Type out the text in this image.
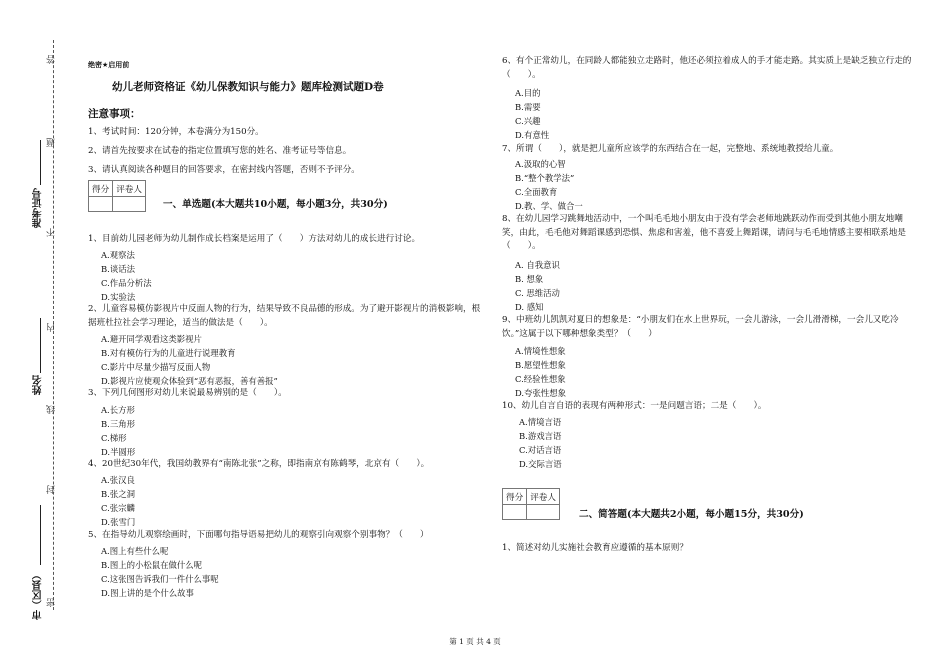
答
题
不
内
线
封
密
准考证号
姓名
市（区县）
绝密★启用前
幼儿老师资格证《幼儿保教知识与能力》题库检测试题D卷
注意事项：
1、考试时间：120分钟，本卷满分为150分。
2、请首先按要求在试卷的指定位置填写您的姓名、准考证号等信息。
3、请认真阅读各种题目的回答要求，在密封线内答题，否则不予评分。
得分	评卷人

一、单选题(本大题共10小题，每小题3分，共30分)
1、目前幼儿园老师为幼儿制作成长档案是运用了（　　）方法对幼儿的成长进行讨论。
A.观察法
B.谈话法
C.作品分析法
D.实验法
2、儿童容易模仿影视片中反面人物的行为，结果导致不良品德的形成。为了避开影视片的消极影响，根据班杜拉社会学习理论，适当的做法是（　　）。
A.避开同学观看这类影视片
B.对有模仿行为的儿童进行说理教育
C.影片中尽量少描写反面人物
D.影视片应使观众体验到“恶有恶报，善有善报”
3、下列几何图形对幼儿来说最易辨别的是（　　）。
A.长方形
B.三角形
C.梯形
D.半圆形
4、20世纪30年代，我国幼教界有“南陈北张”之称，即指南京有陈鹤琴，北京有（　　）。
A.张汉良
B.张之洞
C.张宗麟
D.张雪门
5、在指导幼儿观察绘画时，下面哪句指导语易把幼儿的观察引向观察个别事物？（　　）
A.图上有些什么呢
B.图上的小松鼠在做什么呢
C.这张图告诉我们一件什么事呢
D.图上讲的是个什么故事
6、有个正常幼儿，在同龄人都能独立走路时，他还必须拉着成人的手才能走路。其实质上是缺乏独立行走的（　　）。
A.目的
B.需要
C.兴趣
D.有意性
7、所谓（　　），就是把儿童所应该学的东西结合在一起，完整地、系统地教授给儿童。
A.汲取的心智
B.“整个教学法”
C.全面教育
D.教、学、做合一
8、在幼儿园学习跳舞地活动中，一个叫毛毛地小朋友由于没有学会老师地跳跃动作而受到其他小朋友地嘲笑，由此，毛毛他对舞蹈课感到恐惧、焦虑和害羞，他不喜爱上舞蹈课，请问与毛毛地情感主要相联系地是（　　）。
A. 自我意识
B. 想象
C. 思维活动
D. 感知
9、中班幼儿凯凯对夏日的想象是：“小朋友们在水上世界玩，一会儿游泳，一会儿滑滑梯，一会儿又吃冷饮。”这属于以下哪种想象类型？（　　）
A.情境性想象
B.愿望性想象
C.经验性想象
D.夸张性想象
10、幼儿自言自语的表现有两种形式：一是问题言语；二是（　　）。
A.情境言语
B.游戏言语
C.对话言语
D.交际言语
得分	评卷人

二、简答题(本大题共2小题，每小题15分，共30分)
1、简述对幼儿实施社会教育应遵循的基本原则？
第 1 页 共 4 页
